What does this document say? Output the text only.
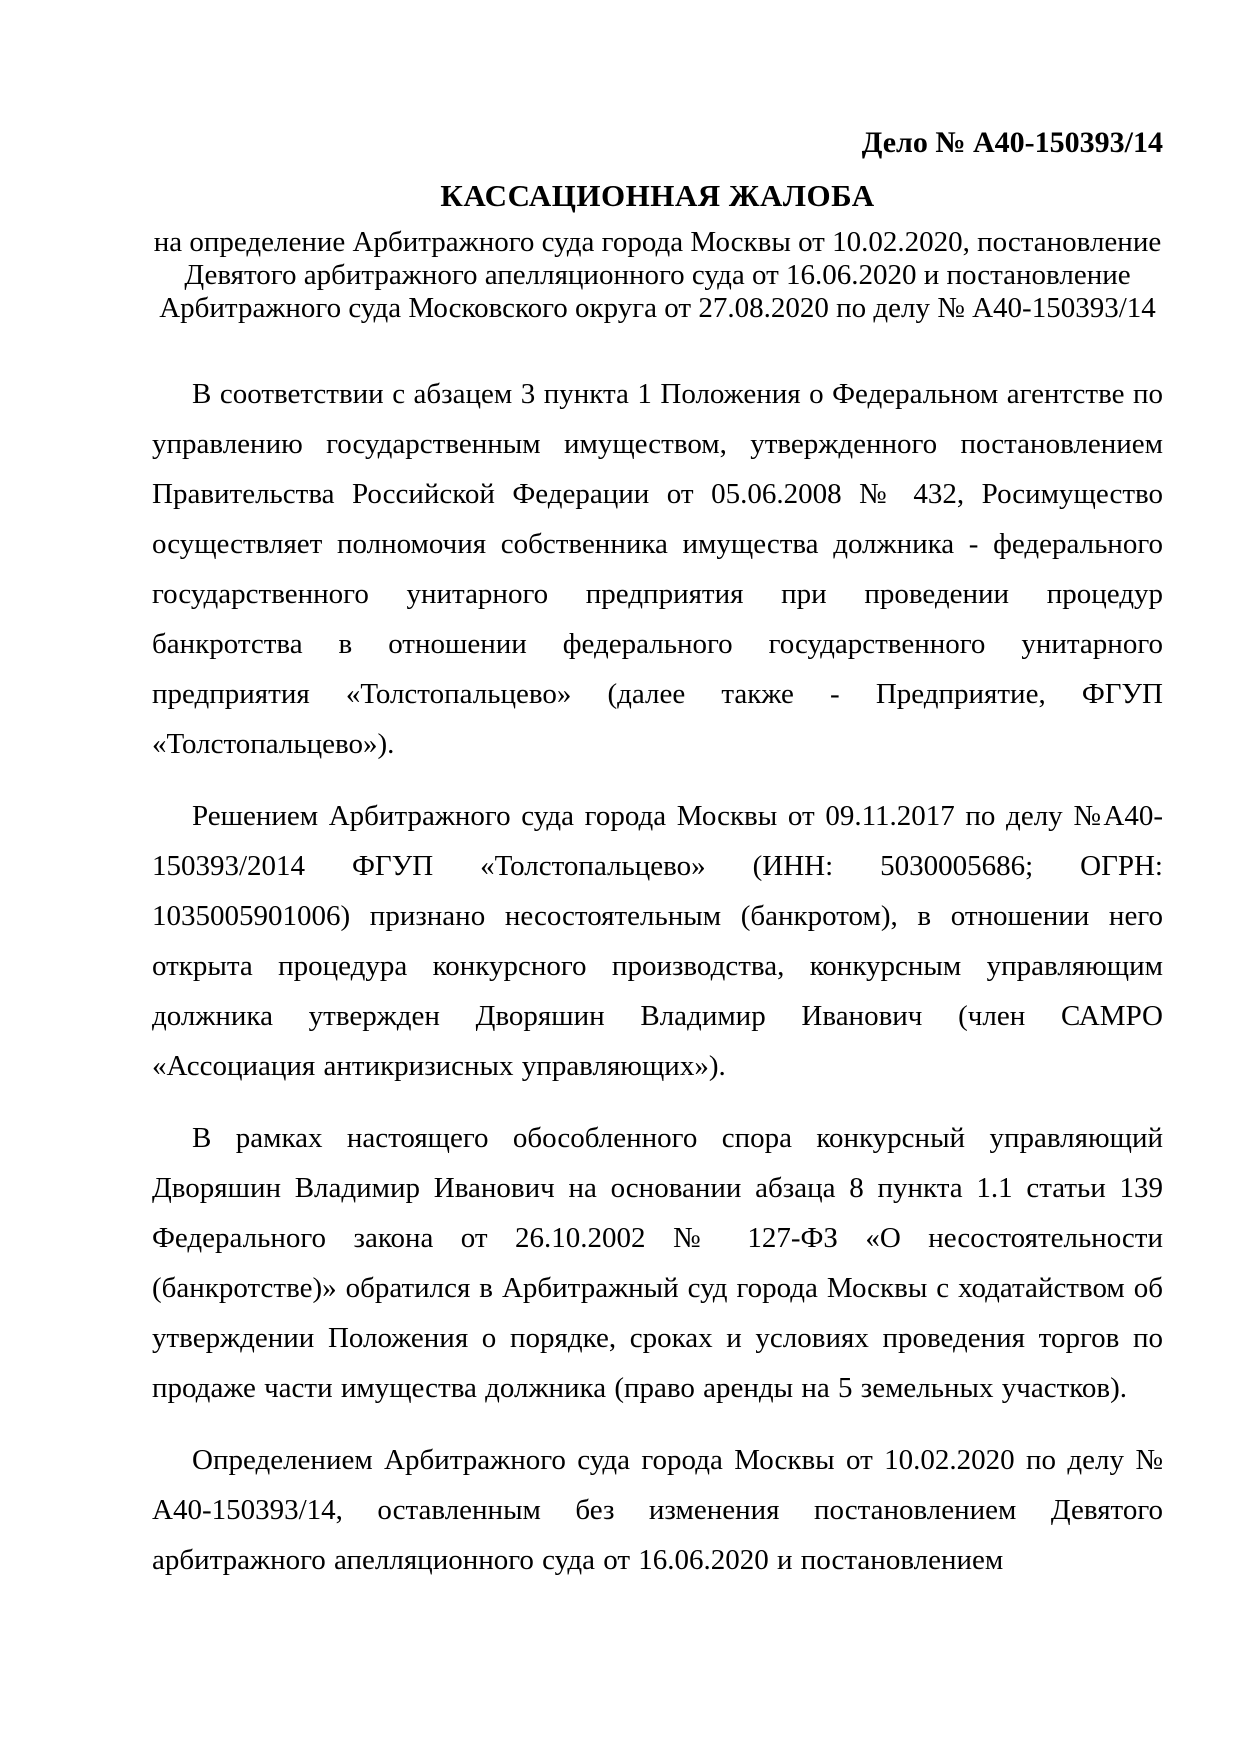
Дело № А40-150393/14
КАССАЦИОННАЯ ЖАЛОБА
на определение Арбитражного суда города Москвы от 10.02.2020, постановление Девятого арбитражного апелляционного суда от 16.06.2020 и постановление Арбитражного суда Московского округа от 27.08.2020 по делу № А40-150393/14

В соответствии с абзацем 3 пункта 1 Положения о Федеральном агентстве по управлению государственным имуществом, утвержденного постановлением Правительства Российской Федерации от 05.06.2008 № 432, Росимущество осуществляет полномочия собственника имущества должника - федерального государственного унитарного предприятия при проведении процедур банкротства в отношении федерального государственного унитарного предприятия «Толстопальцево» (далее также - Предприятие, ФГУП «Толстопальцево»).

Решением Арбитражного суда города Москвы от 09.11.2017 по делу №А40-150393/2014 ФГУП «Толстопальцево» (ИНН: 5030005686; ОГРН: 1035005901006) признано несостоятельным (банкротом), в отношении него открыта процедура конкурсного производства, конкурсным управляющим должника утвержден Дворяшин Владимир Иванович (член САМРО «Ассоциация антикризисных управляющих»).

В рамках настоящего обособленного спора конкурсный управляющий Дворяшин Владимир Иванович на основании абзаца 8 пункта 1.1 статьи 139 Федерального закона от 26.10.2002 № 127-ФЗ «О несостоятельности (банкротстве)» обратился в Арбитражный суд города Москвы с ходатайством об утверждении Положения о порядке, сроках и условиях проведения торгов по продаже части имущества должника (право аренды на 5 земельных участков).

Определением Арбитражного суда города Москвы от 10.02.2020 по делу № А40-150393/14, оставленным без изменения постановлением Девятого арбитражного апелляционного суда от 16.06.2020 и постановлением
